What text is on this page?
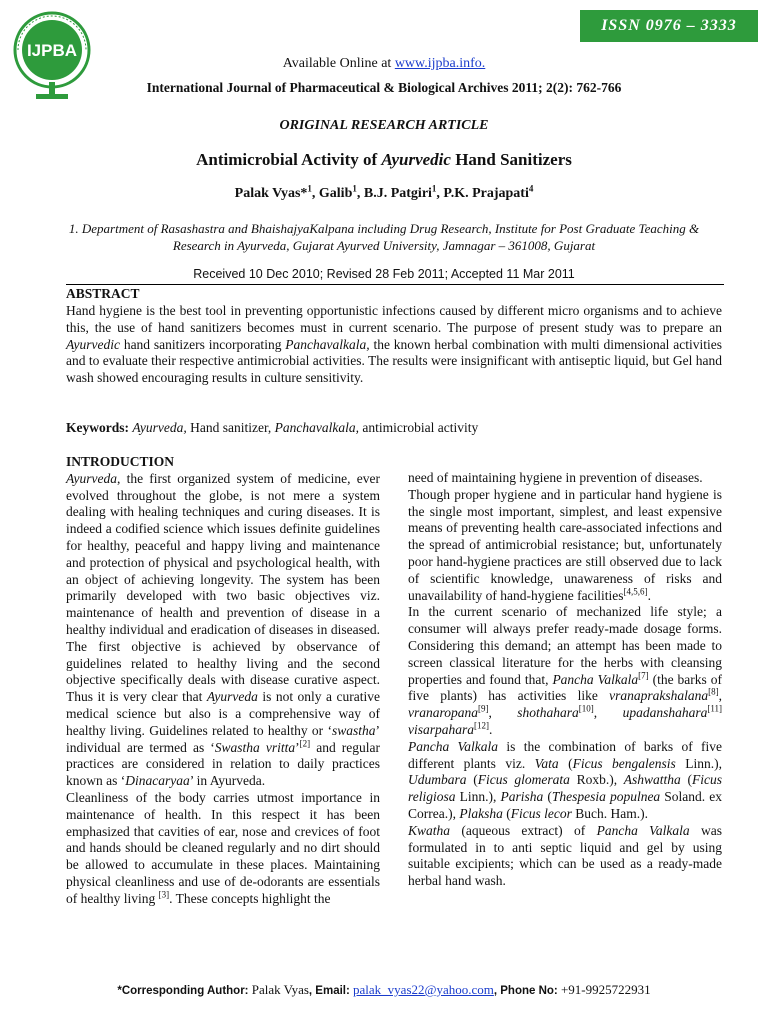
IJPBA
ISSN 0976 – 3333
Available Online at www.ijpba.info.
International Journal of Pharmaceutical & Biological Archives 2011; 2(2): 762-766
ORIGINAL RESEARCH ARTICLE
Antimicrobial Activity of Ayurvedic Hand Sanitizers
Palak Vyas*$^1$, Galib$^1$, B.J. Patgiri$^1$, P.K. Prajapati$^4$
1. Department of Rasashastra and BhaishajyaKalpana including Drug Research, Institute for Post Graduate Teaching & Research in Ayurveda, Gujarat Ayurved University, Jamnagar – 361008, Gujarat
Received 10 Dec 2010; Revised 28 Feb 2011; Accepted 11 Mar 2011
ABSTRACT
Hand hygiene is the best tool in preventing opportunistic infections caused by different micro organisms and to achieve this, the use of hand sanitizers becomes must in current scenario. The purpose of present study was to prepare an Ayurvedic hand sanitizers incorporating Panchavalkala, the known herbal combination with multi dimensional activities and to evaluate their respective antimicrobial activities. The results were insignificant with antiseptic liquid, but Gel hand wash showed encouraging results in culture sensitivity.
Keywords: Ayurveda, Hand sanitizer, Panchavalkala, antimicrobial activity

INTRODUCTION

Ayurveda, the first organized system of medicine, ever evolved throughout the globe, is not mere a system dealing with healing techniques and curing diseases. It is indeed a codified science which issues definite guidelines for healthy, peaceful and happy living and maintenance and protection of physical and psychological health, with an object of achieving longevity. The system has been primarily developed with two basic objectives viz. maintenance of health and prevention of disease in a healthy individual and eradication of diseases in diseased. The first objective is achieved by observance of guidelines related to healthy living and the second objective specifically deals with disease curative aspect. Thus it is very clear that Ayurveda is not only a curative medical science but also is a comprehensive way of healthy living. Guidelines related to healthy or ‘swastha’ individual are termed as ‘Swastha vritta’[2] and regular practices are considered in relation to daily practices known as ‘Dinacaryaa’ in Ayurveda.

Cleanliness of the body carries utmost importance in maintenance of health. In this respect it has been emphasized that cavities of ear, nose and crevices of foot and hands should be cleaned regularly and no dirt should be allowed to accumulate in these places. Maintaining physical cleanliness and use of de-odorants are essentials of healthy living [3]. These concepts highlight the

need of maintaining hygiene in prevention of diseases.

Though proper hygiene and in particular hand hygiene is the single most important, simplest, and least expensive means of preventing health care-associated infections and the spread of antimicrobial resistance; but, unfortunately poor hand-hygiene practices are still observed due to lack of scientific knowledge, unawareness of risks and unavailability of hand-hygiene facilities[4,5,6].

In the current scenario of mechanized life style; a consumer will always prefer ready-made dosage forms. Considering this demand; an attempt has been made to screen classical literature for the herbs with cleansing properties and found that, Pancha Valkala[7] (the barks of five plants) has activities like vranaprakshalana[8], vranaropana[9], shothahara[10], upadanshahara[11] visarpahara[12].

Pancha Valkala is the combination of barks of five different plants viz. Vata (Ficus bengalensis Linn.), Udumbara (Ficus glomerata Roxb.), Ashwattha (Ficus religiosa Linn.), Parisha (Thespesia populnea Soland. ex Correa.), Plaksha (Ficus lecor Buch. Ham.).

Kwatha (aqueous extract) of Pancha Valkala was formulated in to anti septic liquid and gel by using suitable excipients; which can be used as a ready-made herbal hand wash.

*Corresponding Author: Palak Vyas, Email: palak_vyas22@yahoo.com, Phone No: +91-9925722931
